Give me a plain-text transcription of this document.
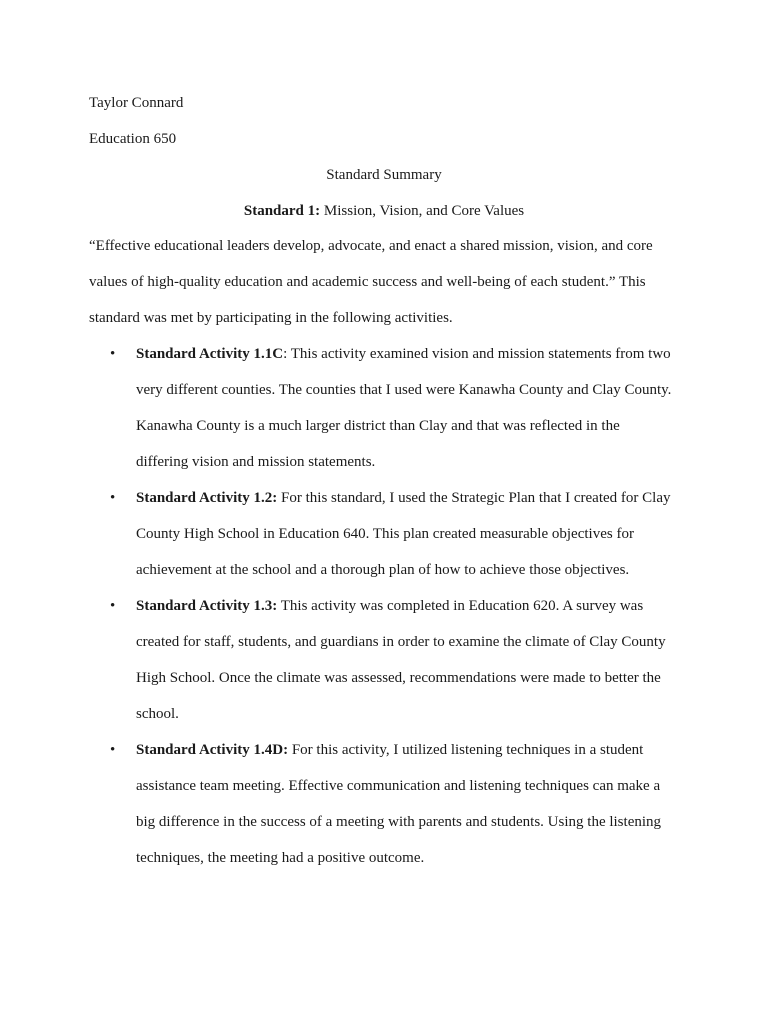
Taylor Connard
Education 650
Standard Summary
Standard 1: Mission, Vision, and Core Values
“Effective educational leaders develop, advocate, and enact a shared mission, vision, and core
values of high-quality education and academic success and well-being of each student.” This
standard was met by participating in the following activities.
• Standard Activity 1.1C: This activity examined vision and mission statements from two
very different counties. The counties that I used were Kanawha County and Clay County.
Kanawha County is a much larger district than Clay and that was reflected in the
differing vision and mission statements.
• Standard Activity 1.2: For this standard, I used the Strategic Plan that I created for Clay
County High School in Education 640. This plan created measurable objectives for
achievement at the school and a thorough plan of how to achieve those objectives.
• Standard Activity 1.3: This activity was completed in Education 620. A survey was
created for staff, students, and guardians in order to examine the climate of Clay County
High School. Once the climate was assessed, recommendations were made to better the
school.
• Standard Activity 1.4D: For this activity, I utilized listening techniques in a student
assistance team meeting. Effective communication and listening techniques can make a
big difference in the success of a meeting with parents and students. Using the listening
techniques, the meeting had a positive outcome.
